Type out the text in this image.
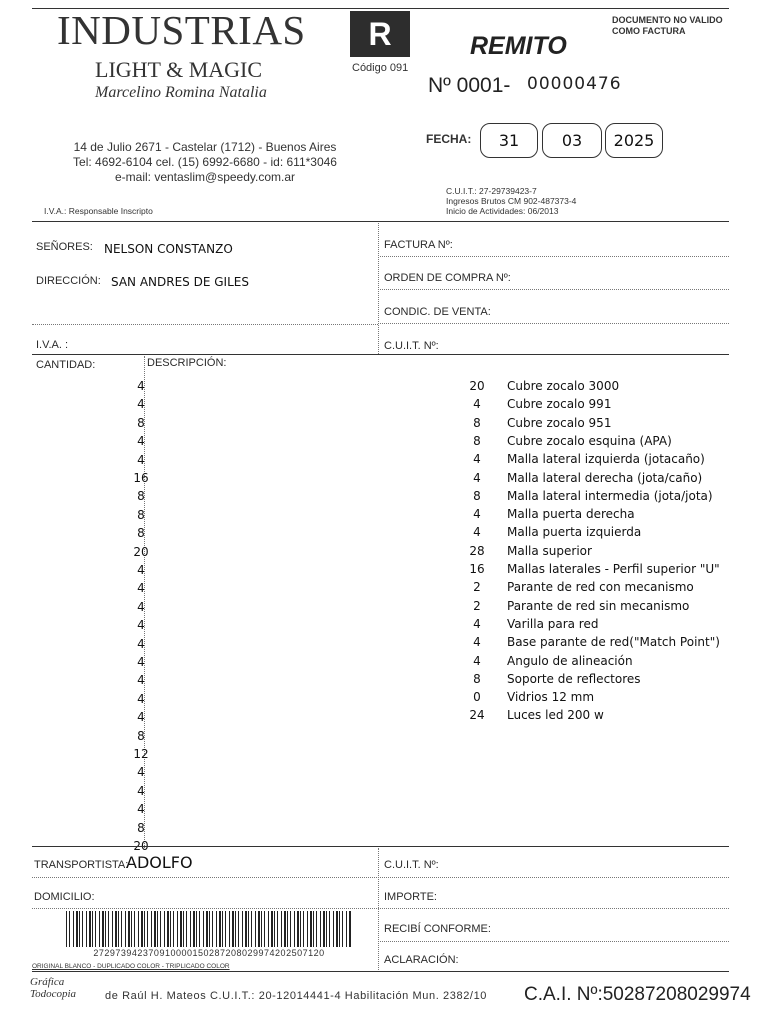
INDUSTRIAS
LIGHT & MAGIC
Marcelino Romina Natalia
R
Código 091
DOCUMENTO NO VALIDO
COMO FACTURA
REMITO
Nº 0001- 00000476
14 de Julio 2671 - Castelar (1712) - Buenos Aires
Tel: 4692-6104 cel. (15) 6992-6680 - id: 611*3046
e-mail: ventaslim@speedy.com.ar
I.V.A.: Responsable Inscripto
FECHA:	31	03	2025
C.U.I.T.: 27-29739423-7
Ingresos Brutos CM 902-487373-4
Inicio de Actividades: 06/2013
SEÑORES: NELSON CONSTANZO
DIRECCIÓN: SAN ANDRES DE GILES
I.V.A. :
FACTURA Nº:
ORDEN DE COMPRA Nº:
CONDIC. DE VENTA:
C.U.I.T. Nº:
CANTIDAD:	DESCRIPCIÓN:
4
4
8
4
4
16
8
8
8
20
4
4
4
4
4
4
4
4
4
8
12
4
4
4
8
20
20	Cubre zocalo 3000
4	Cubre zocalo 991
8	Cubre zocalo 951
8	Cubre zocalo esquina (APA)
4	Malla lateral izquierda (jotacaño)
4	Malla lateral derecha (jota/caño)
8	Malla lateral intermedia (jota/jota)
4	Malla puerta derecha
4	Malla puerta izquierda
28	Malla superior
16	Mallas laterales - Perfil superior "U"
2	Parante de red con mecanismo
2	Parante de red sin mecanismo
4	Varilla para red
4	Base parante de red("Match Point")
4	Angulo de alineación
8	Soporte de reflectores
0	Vidrios 12 mm
24	Luces led 200 w
TRANSPORTISTA:
ADOLFO	C.U.I.T. Nº:
DOMICILIO:	IMPORTE:
RECIBÍ CONFORME:
ACLARACIÓN:
27297394237091000015028720802997420250712​0
ORIGINAL BLANCO - DUPLICADO COLOR - TRIPLICADO COLOR
Gráfica
Todocopia	de Raúl H. Mateos C.U.I.T.: 20-12014441-4 Habilitación Mun. 2382/10 C.A.I. Nº:50287208029974
